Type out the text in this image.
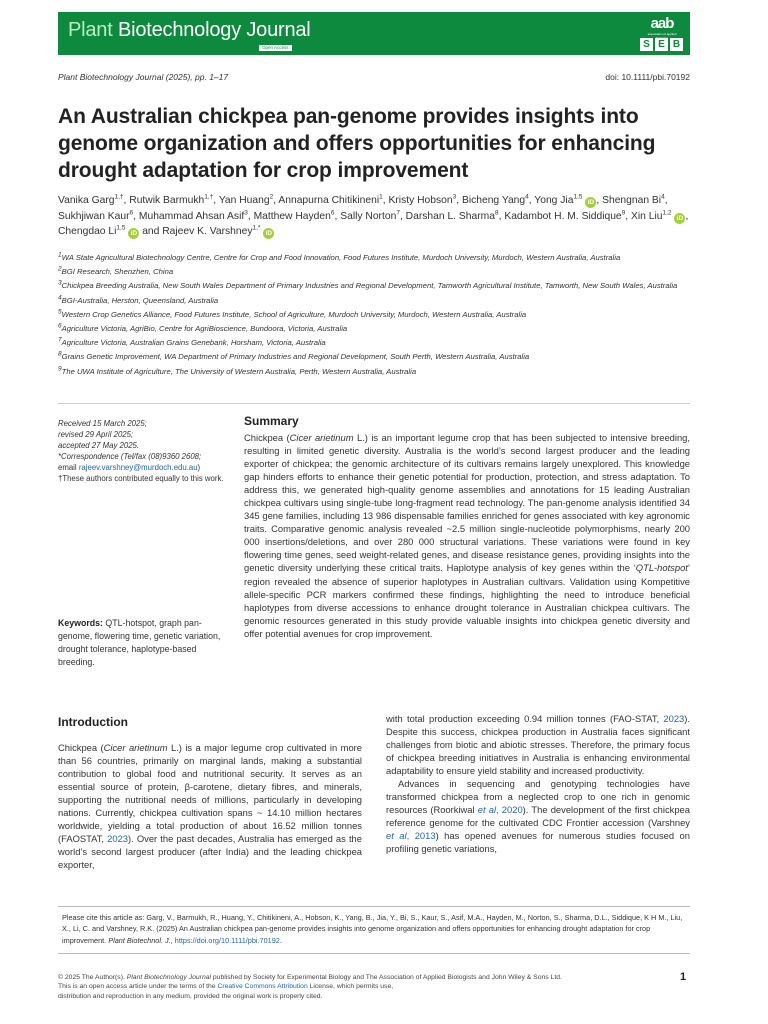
Plant Biotechnology Journal
Open Access
aab
association of applied
S E B
Plant Biotechnology Journal (2025), pp. 1–17	doi: 10.1111/pbi.70192
An Australian chickpea pan-genome provides insights into genome organization and offers opportunities for enhancing drought adaptation for crop improvement
Vanika Garg$^{1,\dagger}$, Rutwik Barmukh$^{1,\dagger}$, Yan Huang$^2$, Annapurna Chitikineni$^1$, Kristy Hobson$^3$, Bicheng Yang$^4$, Yong Jia$^{1,5}$ iD , Shengnan Bi$^4$, Sukhjiwan Kaur$^6$, Muhammad Ahsan Asif$^3$, Matthew Hayden$^6$, Sally Norton$^7$, Darshan L. Sharma$^8$, Kadambot H. M. Siddique$^9$, Xin Liu$^{1,2}$ iD , Chengdao Li$^{1,5}$ iD and Rajeev K. Varshney$^{1,*}$ iD
$^1$WA State Agricultural Biotechnology Centre, Centre for Crop and Food Innovation, Food Futures Institute, Murdoch University, Murdoch, Western Australia, Australia
$^2$BGI Research, Shenzhen, China
$^3$Chickpea Breeding Australia, New South Wales Department of Primary Industries and Regional Development, Tamworth Agricultural Institute, Tamworth, New South Wales, Australia
$^4$BGI-Australia, Herston, Queensland, Australia
$^5$Western Crop Genetics Alliance, Food Futures Institute, School of Agriculture, Murdoch University, Murdoch, Western Australia, Australia
$^6$Agriculture Victoria, AgriBio, Centre for AgriBioscience, Bundoora, Victoria, Australia
$^7$Agriculture Victoria, Australian Grains Genebank, Horsham, Victoria, Australia
$^8$Grains Genetic Improvement, WA Department of Primary Industries and Regional Development, South Perth, Western Australia, Australia
$^9$The UWA Institute of Agriculture, The University of Western Australia, Perth, Western Australia, Australia
Received 15 March 2025;
revised 29 April 2025;
accepted 27 May 2025.
*Correspondence (Tel/fax (08)9360 2608;
email rajeev.varshney@murdoch.edu.au)
†These authors contributed equally to this work.
Keywords: QTL-hotspot, graph pan-genome, flowering time, genetic variation, drought tolerance, haplotype-based breeding.
Summary

Chickpea (Cicer arietinum L.) is an important legume crop that has been subjected to intensive breeding, resulting in limited genetic diversity. Australia is the world’s second largest producer and the leading exporter of chickpea; the genomic architecture of its cultivars remains largely unexplored. This knowledge gap hinders efforts to enhance their genetic potential for production, protection, and stress adaptation. To address this, we generated high-quality genome assemblies and annotations for 15 leading Australian chickpea cultivars using single-tube long-fragment read technology. The pan-genome analysis identified 34 345 gene families, including 13 986 dispensable families enriched for genes associated with key agronomic traits. Comparative genomic analysis revealed ~2.5 million single-nucleotide polymorphisms, nearly 200 000 insertions/deletions, and over 280 000 structural variations. These variations were found in key flowering time genes, seed weight-related genes, and disease resistance genes, providing insights into the genetic diversity underlying these critical traits. Haplotype analysis of key genes within the ‘QTL-hotspot’ region revealed the absence of superior haplotypes in Australian cultivars. Validation using Kompetitive allele-specific PCR markers confirmed these findings, highlighting the need to introduce beneficial haplotypes from diverse accessions to enhance drought tolerance in Australian chickpea cultivars. The genomic resources generated in this study provide valuable insights into chickpea genetic diversity and offer potential avenues for crop improvement.

Introduction

Chickpea (Cicer arietinum L.) is a major legume crop cultivated in more than 56 countries, primarily on marginal lands, making a substantial contribution to global food and nutritional security. It serves as an essential source of protein, β-carotene, dietary fibres, and minerals, supporting the nutritional needs of millions, particularly in developing nations. Currently, chickpea cultivation spans ~ 14.10 million hectares worldwide, yielding a total production of about 16.52 million tonnes (FAOSTAT, 2023). Over the past decades, Australia has emerged as the world’s second largest producer (after India) and the leading chickpea exporter,

with total production exceeding 0.94 million tonnes (FAO-STAT, 2023). Despite this success, chickpea production in Australia faces significant challenges from biotic and abiotic stresses. Therefore, the primary focus of chickpea breeding initiatives in Australia is enhancing environmental adaptability to ensure yield stability and increased productivity.

Advances in sequencing and genotyping technologies have transformed chickpea from a neglected crop to one rich in genomic resources (Roorkiwal et al, 2020). The development of the first chickpea reference genome for the cultivated CDC Frontier accession (Varshney et al, 2013) has opened avenues for numerous studies focused on profiling genetic variations,

Please cite this article as: Garg, V., Barmukh, R., Huang, Y., Chitikineni, A., Hobson, K., Yang, B., Jia, Y., Bi, S., Kaur, S., Asif, M.A., Hayden, M., Norton, S., Sharma, D.L., Siddique, K H M., Liu, X., Li, C. and Varshney, R.K. (2025) An Australian chickpea pan-genome provides insights into genome organization and offers opportunities for enhancing drought adaptation for crop improvement. Plant Biotechnol. J., https://doi.org/10.1111/pbi.70192.
© 2025 The Author(s). Plant Biotechnology Journal published by Society for Experimental Biology and The Association of Applied Biologists and John Wiley & Sons Ltd.
This is an open access article under the terms of the Creative Commons Attribution License, which permits use,
distribution and reproduction in any medium, provided the original work is properly cited.
1
